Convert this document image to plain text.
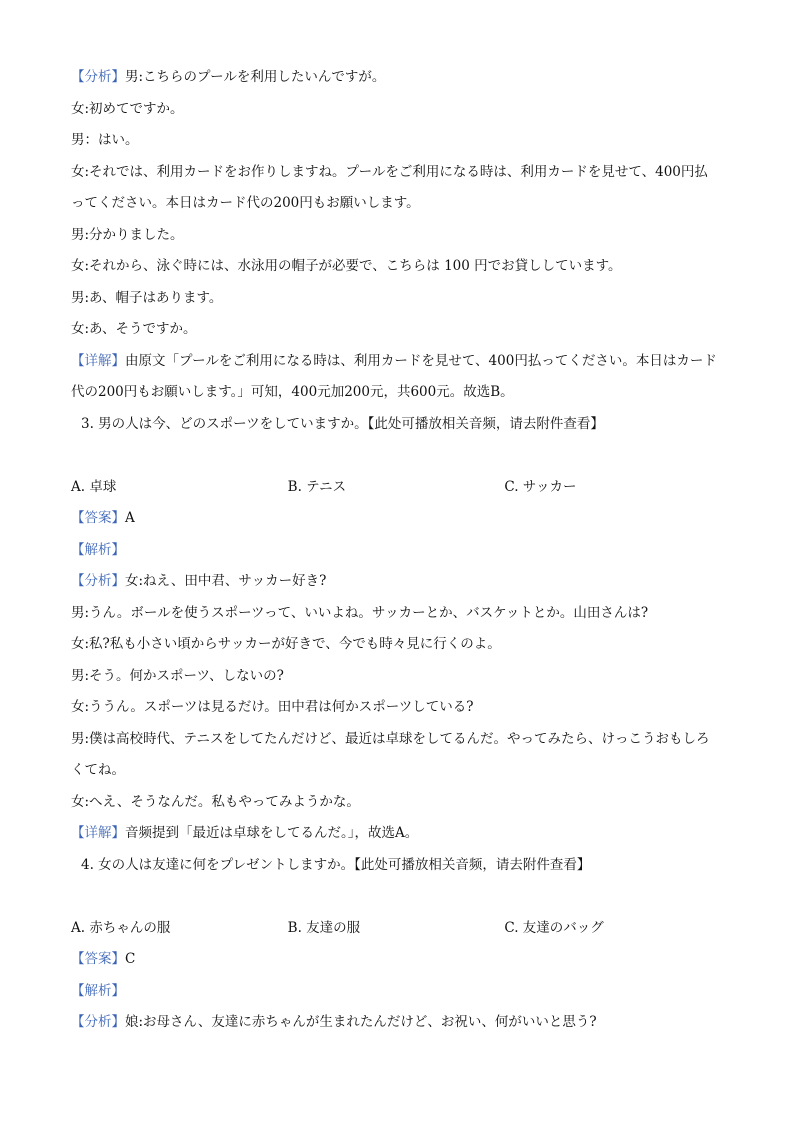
【分析】男:こちらのプールを利用したいんですが。
女:初めてですか。
男：はい。
女:それでは、利用カードをお作りしますね。プールをご利用になる時は、利用カードを見せて、400円払ってください。本日はカード代の200円もお願いします。
男:分かりました。
女:それから、泳ぐ時には、水泳用の帽子が必要で、こちらは 100 円でお貸ししています。
男:あ、帽子はあります。
女:あ、そうですか。
【详解】由原文「プールをご利用になる時は、利用カードを見せて、400円払ってください。本日はカード代の200円もお願いします。」可知，400元加200元，共600元。故选B。
3. 男の人は今、どのスポーツをしていますか。【此处可播放相关音频，请去附件查看】
A. 卓球	B. テニス	C. サッカー
【答案】A
【解析】
【分析】女:ねえ、田中君、サッカー好き?
男:うん。ボールを使うスポーツって、いいよね。サッカーとか、バスケットとか。山田さんは?
女:私?私も小さい頃からサッカーが好きで、今でも時々見に行くのよ。
男:そう。何かスポーツ、しないの?
女:ううん。スポーツは見るだけ。田中君は何かスポーツしている?
男:僕は高校時代、テニスをしてたんだけど、最近は卓球をしてるんだ。やってみたら、けっこうおもしろくてね。
女:へえ、そうなんだ。私もやってみようかな。
【详解】音频提到「最近は卓球をしてるんだ。」，故选A。
4. 女の人は友達に何をプレゼントしますか。【此处可播放相关音频，请去附件查看】
A. 赤ちゃんの服	B. 友達の服	C. 友達のバッグ
【答案】C
【解析】
【分析】娘:お母さん、友達に赤ちゃんが生まれたんだけど、お祝い、何がいいと思う?
